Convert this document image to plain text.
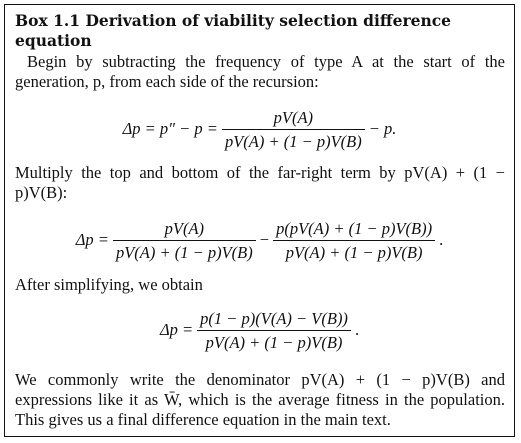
Box 1.1 Derivation of viability selection difference
equation

Begin by subtracting the frequency of type A at the start of the generation, p, from each side of the recursion:

$\Delta p = p'' - p = \frac{pV(A)}{pV(A) + (1 - p)V(B)} - p$.

Multiply the top and bottom of the far-right term by pV(A) + (1 − p)V(B):

$\Delta p = \frac{pV(A)}{pV(A) + (1 - p)V(B)} - \frac{p(pV(A) + (1 - p)V(B))}{pV(A) + (1 - p)V(B)}$ .

After simplifying, we obtain

$\Delta p = \frac{p(1 - p)(V(A) - V(B))}{pV(A) + (1 - p)V(B)}$ .

We commonly write the denominator pV(A) + (1 − p)V(B) and expressions like it as W̄, which is the average fitness in the population. This gives us a final difference equation in the main text.
